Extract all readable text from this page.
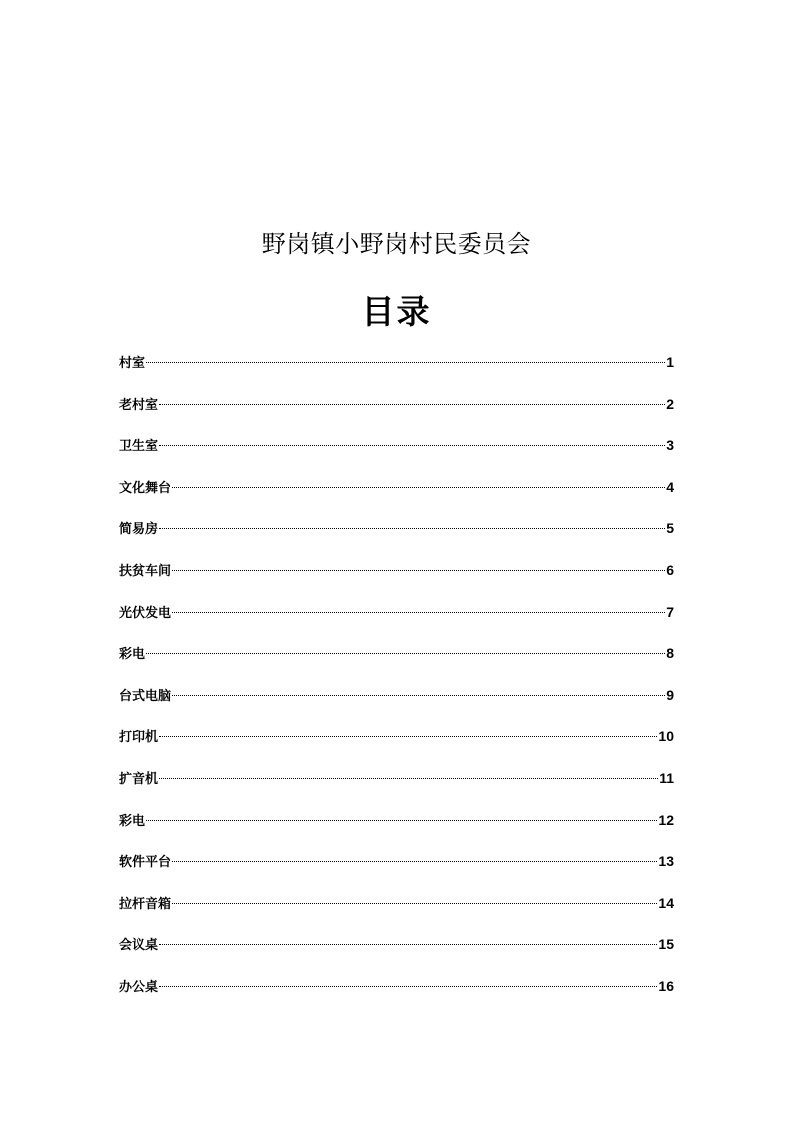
野岗镇小野岗村民委员会
目录
村室	1
老村室	2
卫生室	3
文化舞台	4
简易房	5
扶贫车间	6
光伏发电	7
彩电	8
台式电脑	9
打印机	10
扩音机	11
彩电	12
软件平台	13
拉杆音箱	14
会议桌	15
办公桌	16
